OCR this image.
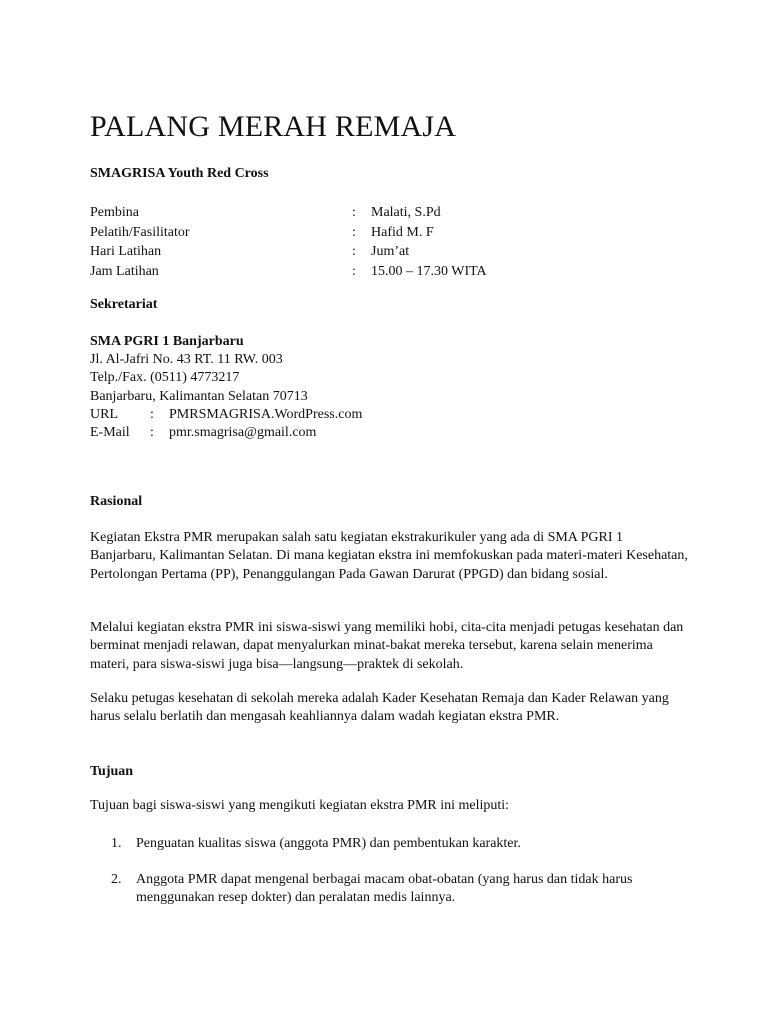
PALANG MERAH REMAJA
SMAGRISA Youth Red Cross
Pembina	: Malati, S.Pd
Pelatih/Fasilitator	: Hafid M. F
Hari Latihan	: Jum’at
Jam Latihan	: 15.00 – 17.30 WITA
Sekretariat
SMA PGRI 1 Banjarbaru
Jl. Al-Jafri No. 43 RT. 11 RW. 003
Telp./Fax. (0511) 4773217
Banjarbaru, Kalimantan Selatan 70713
URL : PMRSMAGRISA.WordPress.com
E-Mail : pmr.smagrisa@gmail.com
Rasional

Kegiatan Ekstra PMR merupakan salah satu kegiatan ekstrakurikuler yang ada di SMA PGRI 1 Banjarbaru, Kalimantan Selatan. Di mana kegiatan ekstra ini memfokuskan pada materi-materi Kesehatan, Pertolongan Pertama (PP), Penanggulangan Pada Gawan Darurat (PPGD) dan bidang sosial.

Melalui kegiatan ekstra PMR ini siswa-siswi yang memiliki hobi, cita-cita menjadi petugas kesehatan dan berminat menjadi relawan, dapat menyalurkan minat-bakat mereka tersebut, karena selain menerima materi, para siswa-siswi juga bisa—langsung—praktek di sekolah.

Selaku petugas kesehatan di sekolah mereka adalah Kader Kesehatan Remaja dan Kader Relawan yang harus selalu berlatih dan mengasah keahliannya dalam wadah kegiatan ekstra PMR.

Tujuan

Tujuan bagi siswa-siswi yang mengikuti kegiatan ekstra PMR ini meliputi:

1. Penguatan kualitas siswa (anggota PMR) dan pembentukan karakter.
2. Anggota PMR dapat mengenal berbagai macam obat-obatan (yang harus dan tidak harus menggunakan resep dokter) dan peralatan medis lainnya.
